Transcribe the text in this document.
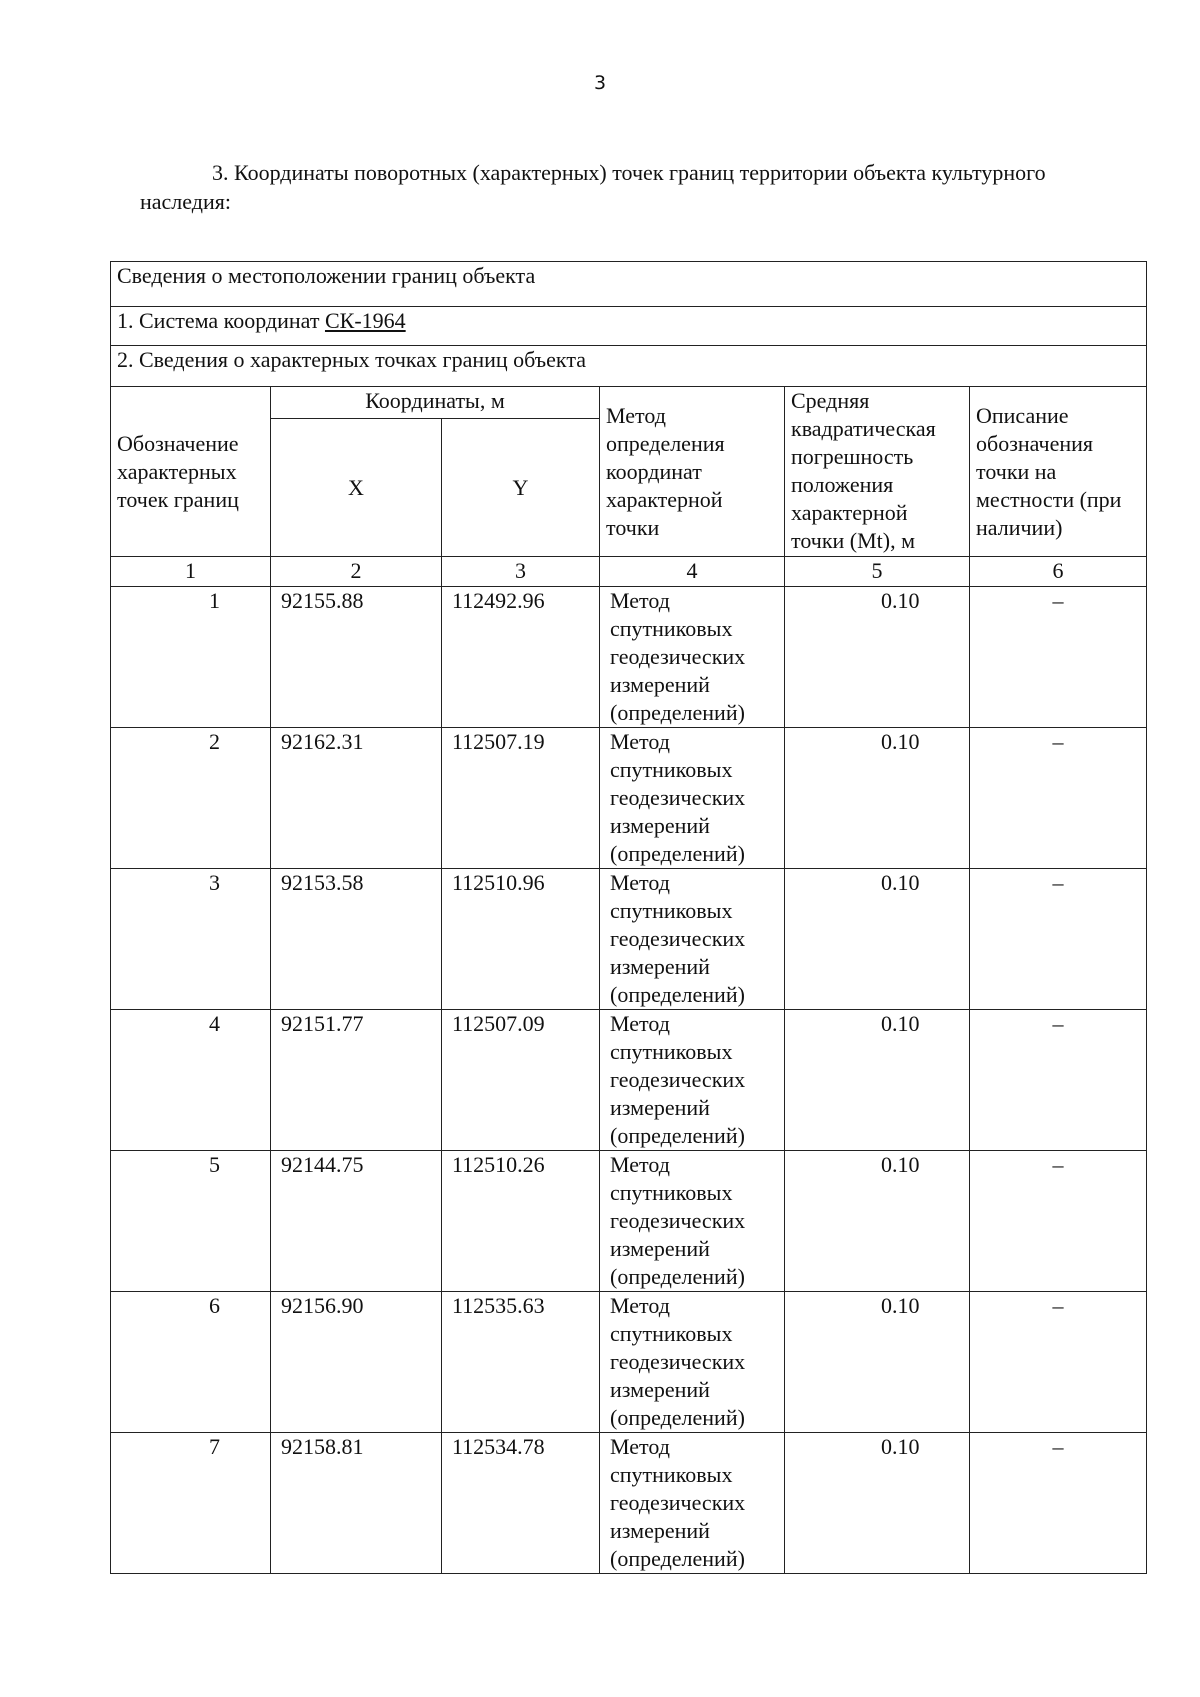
3
3. Координаты поворотных (характерных) точек границ территории объекта культурного наследия:
Сведения о местоположении границ объекта					
1. Система координат СК-1964					
2. Сведения о характерных точках границ объекта					
Обозначение характерных точек границ	Координаты, м		Метод определения координат характерной точки	Средняя квадратическая погрешность положения характерной точки (Mt), м	Описание обозначения точки на местности (при наличии)
	X	Y			
1	2	3	4	5	6
1	92155.88	112492.96	Метод спутниковых геодезических измерений (определений)	0.10	–
2	92162.31	112507.19	Метод спутниковых геодезических измерений (определений)	0.10	–
3	92153.58	112510.96	Метод спутниковых геодезических измерений (определений)	0.10	–
4	92151.77	112507.09	Метод спутниковых геодезических измерений (определений)	0.10	–
5	92144.75	112510.26	Метод спутниковых геодезических измерений (определений)	0.10	–
6	92156.90	112535.63	Метод спутниковых геодезических измерений (определений)	0.10	–
7	92158.81	112534.78	Метод спутниковых геодезических измерений (определений)	0.10	–
